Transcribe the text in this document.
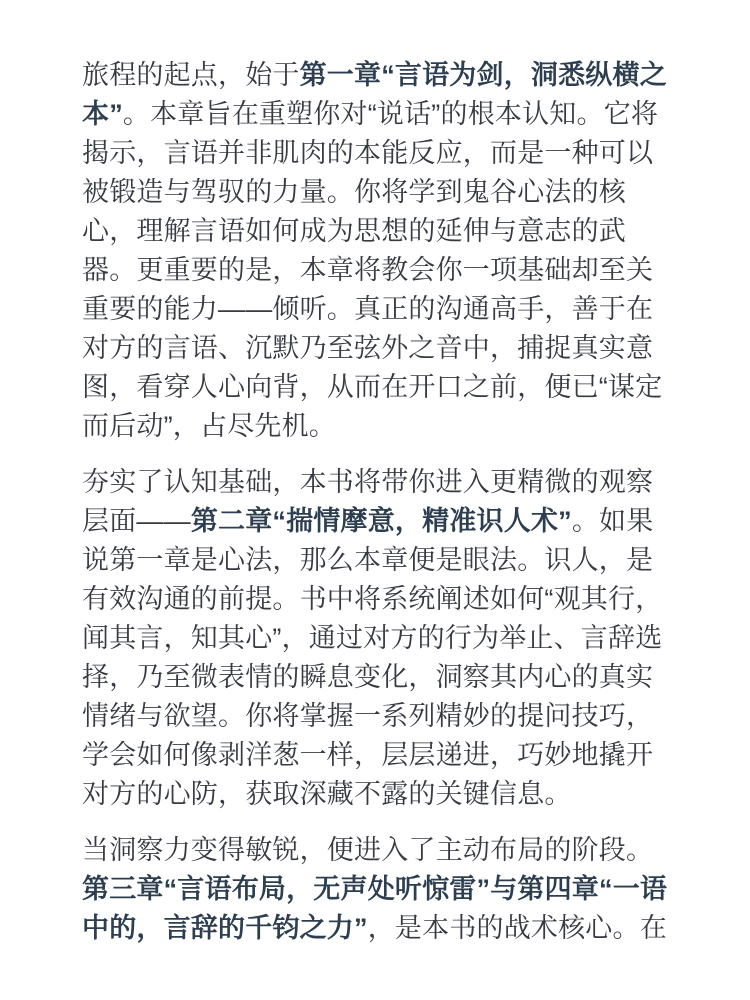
旅程的起点，始于第一章“言语为剑，洞悉纵横之本”。本章旨在重塑你对“说话”的根本认知。它将揭示，言语并非肌肉的本能反应，而是一种可以被锻造与驾驭的力量。你将学到鬼谷心法的核心，理解言语如何成为思想的延伸与意志的武器。更重要的是，本章将教会你一项基础却至关重要的能力——倾听。真正的沟通高手，善于在对方的言语、沉默乃至弦外之音中，捕捉真实意图，看穿人心向背，从而在开口之前，便已“谋定而后动”，占尽先机。

夯实了认知基础，本书将带你进入更精微的观察层面——第二章“揣情摩意，精准识人术”。如果说第一章是心法，那么本章便是眼法。识人，是有效沟通的前提。书中将系统阐述如何“观其行，闻其言，知其心”，通过对方的行为举止、言辞选择，乃至微表情的瞬息变化，洞察其内心的真实情绪与欲望。你将掌握一系列精妙的提问技巧，学会如何像剥洋葱一样，层层递进，巧妙地撬开对方的心防，获取深藏不露的关键信息。

当洞察力变得敏锐，便进入了主动布局的阶段。第三章“言语布局，无声处听惊雷”与第四章“一语中的，言辞的千钧之力”，是本书的战术核心。在
